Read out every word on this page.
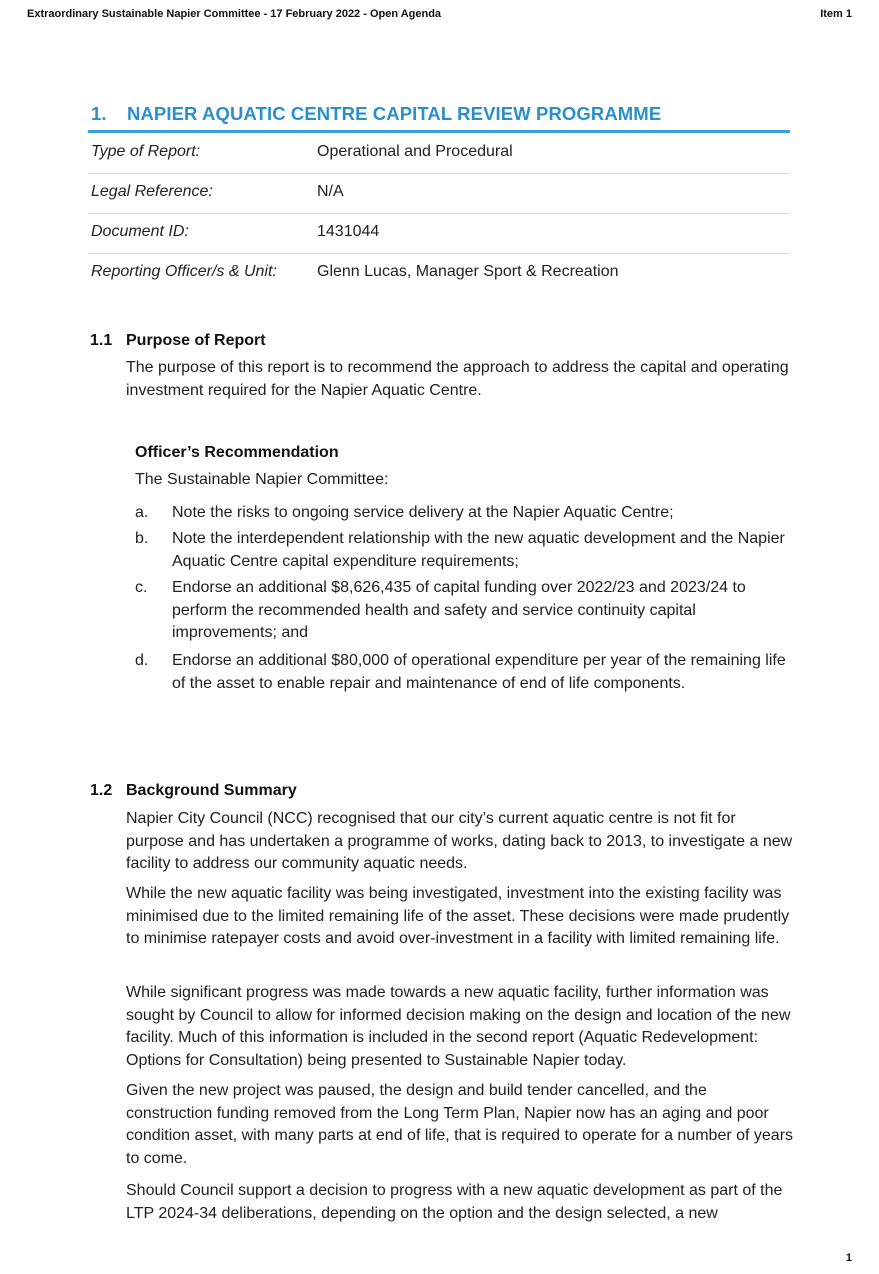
Extraordinary Sustainable Napier Committee - 17 February 2022 - Open Agenda	Item 1
1. NAPIER AQUATIC CENTRE CAPITAL REVIEW PROGRAMME
Type of Report:	Operational and Procedural
Legal Reference:	N/A
Document ID:	1431044
Reporting Officer/s & Unit:	Glenn Lucas, Manager Sport & Recreation
1.1 Purpose of Report
The purpose of this report is to recommend the approach to address the capital and operating investment required for the Napier Aquatic Centre.
Officer’s Recommendation
The Sustainable Napier Committee:
a. Note the risks to ongoing service delivery at the Napier Aquatic Centre;
b. Note the interdependent relationship with the new aquatic development and the Napier Aquatic Centre capital expenditure requirements;
c. Endorse an additional $8,626,435 of capital funding over 2022/23 and 2023/24 to perform the recommended health and safety and service continuity capital improvements; and
d. Endorse an additional $80,000 of operational expenditure per year of the remaining life of the asset to enable repair and maintenance of end of life components.
1.2 Background Summary
Napier City Council (NCC) recognised that our city’s current aquatic centre is not fit for purpose and has undertaken a programme of works, dating back to 2013, to investigate a new facility to address our community aquatic needs.
While the new aquatic facility was being investigated, investment into the existing facility was minimised due to the limited remaining life of the asset. These decisions were made prudently to minimise ratepayer costs and avoid over-investment in a facility with limited remaining life.
While significant progress was made towards a new aquatic facility, further information was sought by Council to allow for informed decision making on the design and location of the new facility. Much of this information is included in the second report (Aquatic Redevelopment: Options for Consultation) being presented to Sustainable Napier today.
Given the new project was paused, the design and build tender cancelled, and the construction funding removed from the Long Term Plan, Napier now has an aging and poor condition asset, with many parts at end of life, that is required to operate for a number of years to come.
Should Council support a decision to progress with a new aquatic development as part of the LTP 2024-34 deliberations, depending on the option and the design selected, a new
1
